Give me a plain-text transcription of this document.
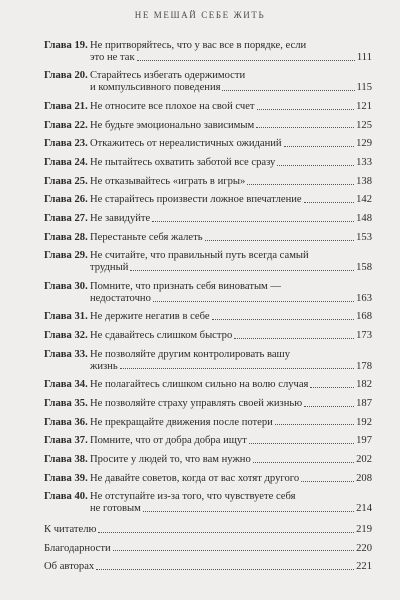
НЕ МЕШАЙ СЕБЕ ЖИТЬ
Глава 19. Не притворяйтесь, что у вас все в порядке, если
это не так	111
Глава 20. Старайтесь избегать одержимости
и компульсивного поведения	115
Глава 21. Не относите все плохое на свой счет	121
Глава 22. Не будьте эмоционально зависимым	125
Глава 23. Откажитесь от нереалистичных ожиданий	129
Глава 24. Не пытайтесь охватить заботой все сразу	133
Глава 25. Не отказывайтесь «играть в игры»	138
Глава 26. Не старайтесь произвести ложное впечатление	142
Глава 27. Не завидуйте	148
Глава 28. Перестаньте себя жалеть	153
Глава 29. Не считайте, что правильный путь всегда самый
трудный	158
Глава 30. Помните, что признать себя виноватым —
недостаточно	163
Глава 31. Не держите негатив в себе	168
Глава 32. Не сдавайтесь слишком быстро	173
Глава 33. Не позволяйте другим контролировать вашу
жизнь	178
Глава 34. Не полагайтесь слишком сильно на волю случая	182
Глава 35. Не позволяйте страху управлять своей жизнью	187
Глава 36. Не прекращайте движения после потери	192
Глава 37. Помните, что от добра добра ищут	197
Глава 38. Просите у людей то, что вам нужно	202
Глава 39. Не давайте советов, когда от вас хотят другого	208
Глава 40. Не отступайте из-за того, что чувствуете себя
не готовым	214
К читателю	219
Благодарности	220
Об авторах	221
